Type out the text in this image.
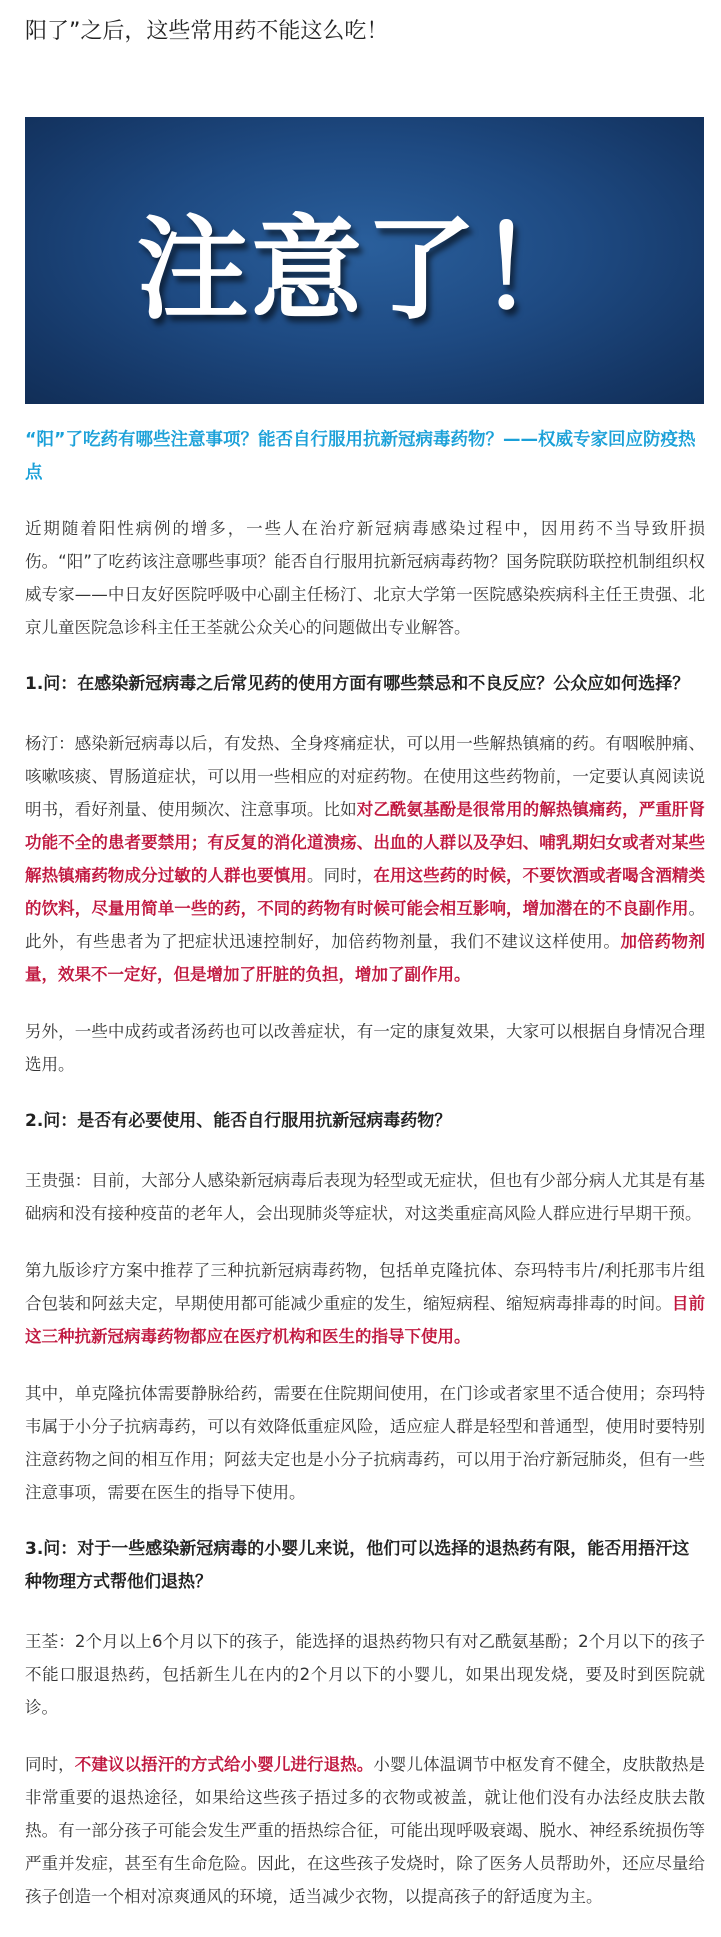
阳了”之后，这些常用药不能这么吃！
注意了！

“阳”了吃药有哪些注意事项？能否自行服用抗新冠病毒药物？——权威专家回应防疫热点

近期随着阳性病例的增多，一些人在治疗新冠病毒感染过程中，因用药不当导致肝损伤。“阳”了吃药该注意哪些事项？能否自行服用抗新冠病毒药物？国务院联防联控机制组织权威专家——中日友好医院呼吸中心副主任杨汀、北京大学第一医院感染疾病科主任王贵强、北京儿童医院急诊科主任王荃就公众关心的问题做出专业解答。

1.问：在感染新冠病毒之后常见药的使用方面有哪些禁忌和不良反应？公众应如何选择？

杨汀：感染新冠病毒以后，有发热、全身疼痛症状，可以用一些解热镇痛的药。有咽喉肿痛、咳嗽咳痰、胃肠道症状，可以用一些相应的对症药物。在使用这些药物前，一定要认真阅读说明书，看好剂量、使用频次、注意事项。比如对乙酰氨基酚是很常用的解热镇痛药，严重肝肾功能不全的患者要禁用；有反复的消化道溃疡、出血的人群以及孕妇、哺乳期妇女或者对某些解热镇痛药物成分过敏的人群也要慎用。同时，在用这些药的时候，不要饮酒或者喝含酒精类的饮料，尽量用简单一些的药，不同的药物有时候可能会相互影响，增加潜在的不良副作用。此外，有些患者为了把症状迅速控制好，加倍药物剂量，我们不建议这样使用。加倍药物剂量，效果不一定好，但是增加了肝脏的负担，增加了副作用。

另外，一些中成药或者汤药也可以改善症状，有一定的康复效果，大家可以根据自身情况合理选用。

2.问：是否有必要使用、能否自行服用抗新冠病毒药物？

王贵强：目前，大部分人感染新冠病毒后表现为轻型或无症状，但也有少部分病人尤其是有基础病和没有接种疫苗的老年人，会出现肺炎等症状，对这类重症高风险人群应进行早期干预。

第九版诊疗方案中推荐了三种抗新冠病毒药物，包括单克隆抗体、奈玛特韦片/利托那韦片组合包装和阿兹夫定，早期使用都可能减少重症的发生，缩短病程、缩短病毒排毒的时间。目前这三种抗新冠病毒药物都应在医疗机构和医生的指导下使用。

其中，单克隆抗体需要静脉给药，需要在住院期间使用，在门诊或者家里不适合使用；奈玛特韦属于小分子抗病毒药，可以有效降低重症风险，适应症人群是轻型和普通型，使用时要特别注意药物之间的相互作用；阿兹夫定也是小分子抗病毒药，可以用于治疗新冠肺炎，但有一些注意事项，需要在医生的指导下使用。

3.问：对于一些感染新冠病毒的小婴儿来说，他们可以选择的退热药有限，能否用捂汗这种物理方式帮他们退热？

王荃：2个月以上6个月以下的孩子，能选择的退热药物只有对乙酰氨基酚；2个月以下的孩子不能口服退热药，包括新生儿在内的2个月以下的小婴儿，如果出现发烧，要及时到医院就诊。

同时，不建议以捂汗的方式给小婴儿进行退热。小婴儿体温调节中枢发育不健全，皮肤散热是非常重要的退热途径，如果给这些孩子捂过多的衣物或被盖，就让他们没有办法经皮肤去散热。有一部分孩子可能会发生严重的捂热综合征，可能出现呼吸衰竭、脱水、神经系统损伤等严重并发症，甚至有生命危险。因此，在这些孩子发烧时，除了医务人员帮助外，还应尽量给孩子创造一个相对凉爽通风的环境，适当减少衣物，以提高孩子的舒适度为主。
